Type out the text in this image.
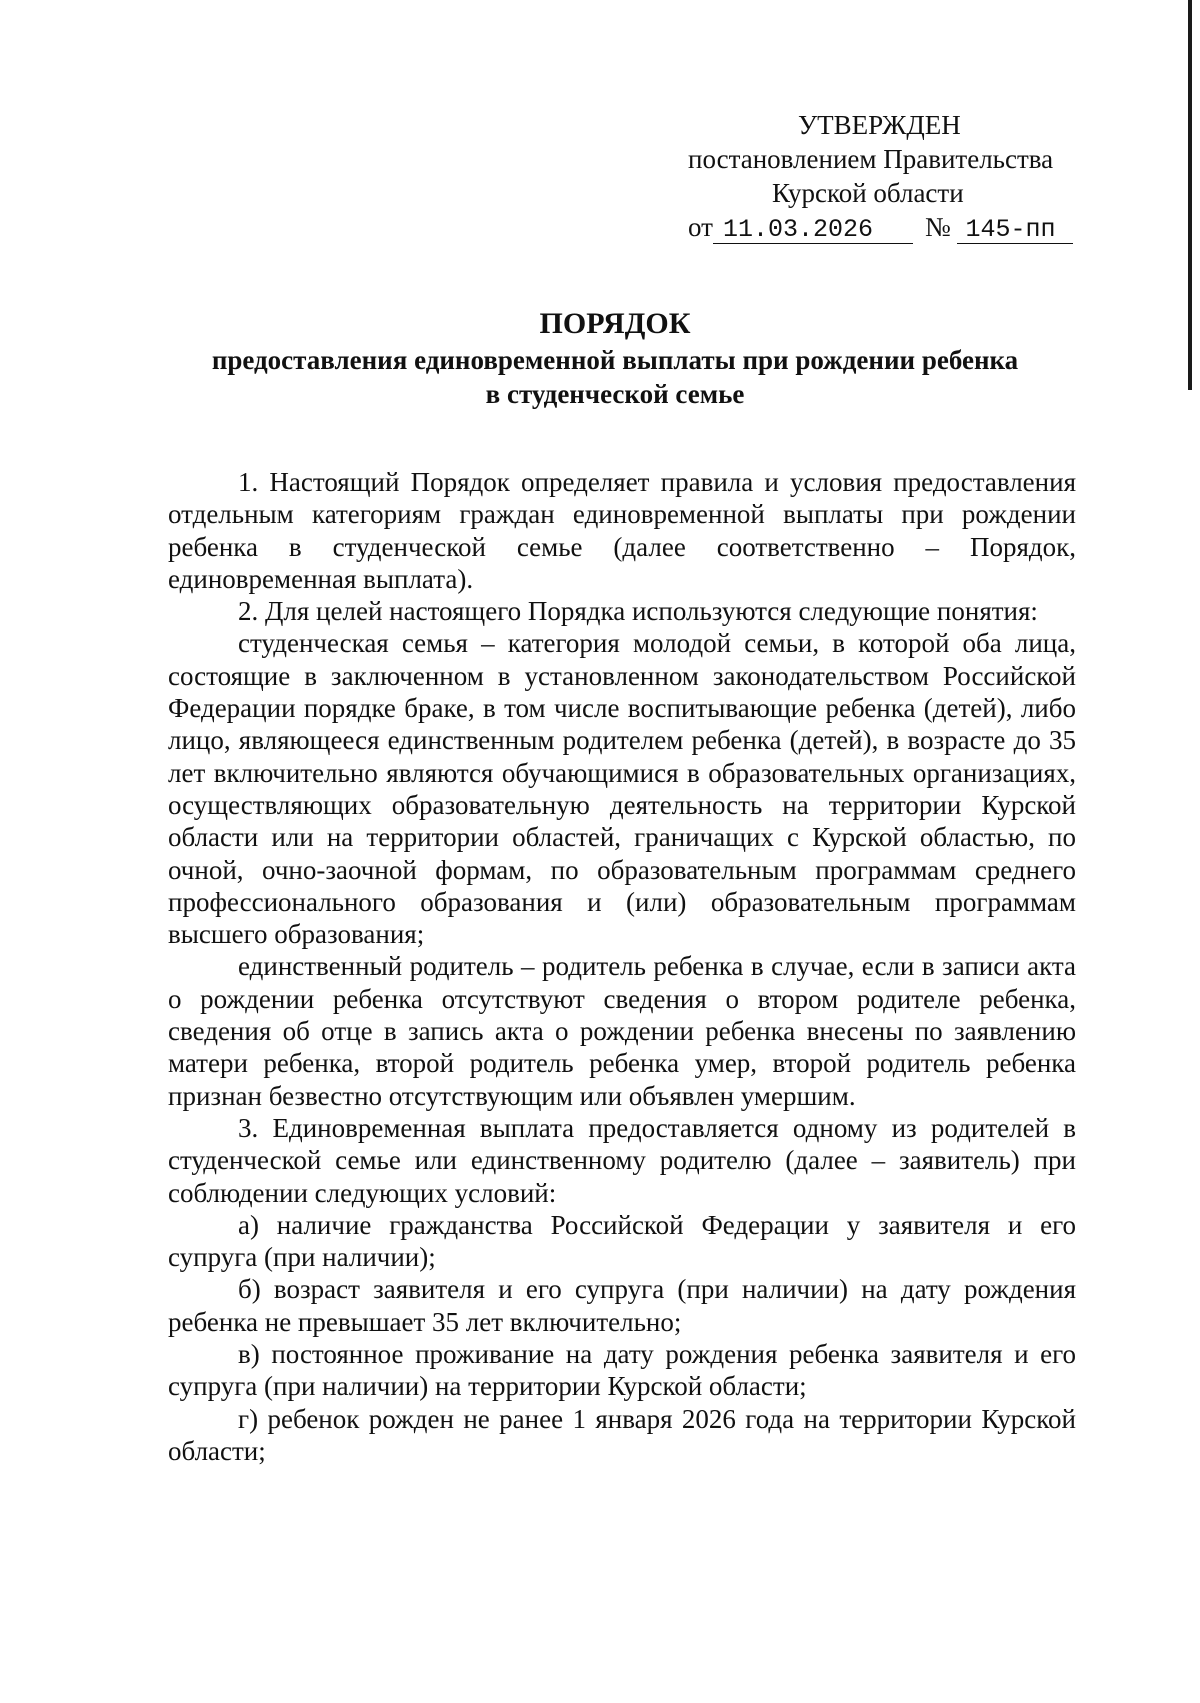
УТВЕРЖДЕН
постановлением Правительства
Курской области
от 11.03.2026 № 145-пп
ПОРЯДОК
предоставления единовременной выплаты при рождении ребенка
в студенческой семье

1. Настоящий Порядок определяет правила и условия предоставления отдельным категориям граждан единовременной выплаты при рождении ребенка в студенческой семье (далее соответственно – Порядок, единовременная выплата).

2. Для целей настоящего Порядка используются следующие понятия:

студенческая семья – категория молодой семьи, в которой оба лица, состоящие в заключенном в установленном законодательством Российской Федерации порядке браке, в том числе воспитывающие ребенка (детей), либо лицо, являющееся единственным родителем ребенка (детей), в возрасте до 35 лет включительно являются обучающимися в образовательных организациях, осуществляющих образовательную деятельность на территории Курской области или на территории областей, граничащих с Курской областью, по очной, очно-заочной формам, по образовательным программам среднего профессионального образования и (или) образовательным программам высшего образования;

единственный родитель – родитель ребенка в случае, если в записи акта о рождении ребенка отсутствуют сведения о втором родителе ребенка, сведения об отце в запись акта о рождении ребенка внесены по заявлению матери ребенка, второй родитель ребенка умер, второй родитель ребенка признан безвестно отсутствующим или объявлен умершим.

3. Единовременная выплата предоставляется одному из родителей в студенческой семье или единственному родителю (далее – заявитель) при соблюдении следующих условий:

а) наличие гражданства Российской Федерации у заявителя и его супруга (при наличии);

б) возраст заявителя и его супруга (при наличии) на дату рождения ребенка не превышает 35 лет включительно;

в) постоянное проживание на дату рождения ребенка заявителя и его супруга (при наличии) на территории Курской области;

г) ребенок рожден не ранее 1 января 2026 года на территории Курской области;
